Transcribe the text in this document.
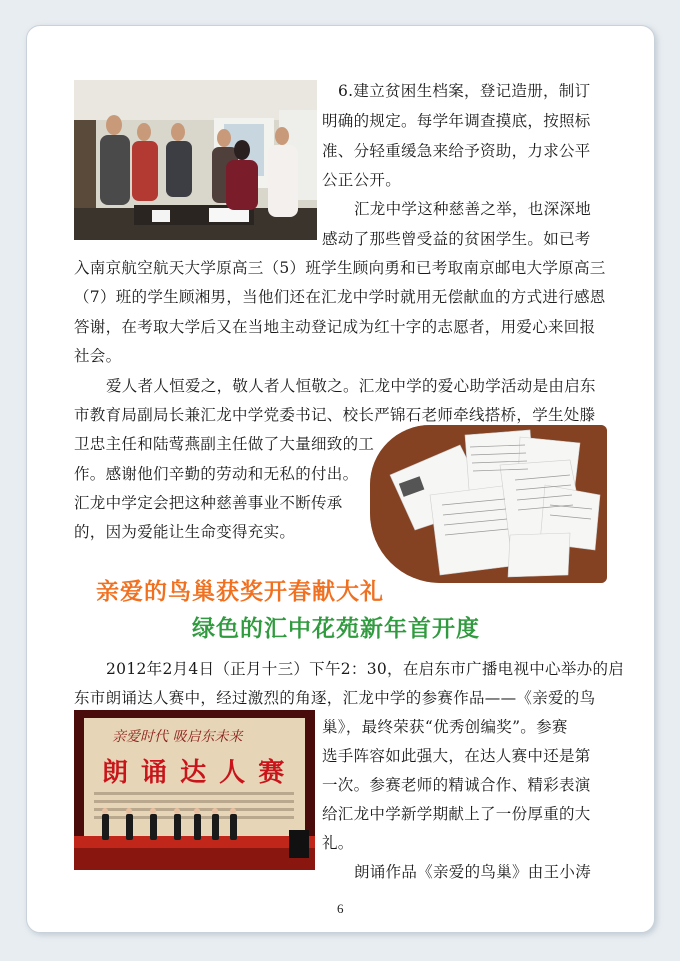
6.建立贫困生档案，登记造册，制订
明确的规定。每学年调查摸底，按照标
准、分轻重缓急来给予资助，力求公平
公正公开。
汇龙中学这种慈善之举，也深深地
感动了那些曾受益的贫困学生。如已考
入南京航空航天大学原高三（5）班学生顾向勇和已考取南京邮电大学原高三
（7）班的学生顾湘男，当他们还在汇龙中学时就用无偿献血的方式进行感恩
答谢，在考取大学后又在当地主动登记成为红十字的志愿者，用爱心来回报
社会。
爱人者人恒爱之，敬人者人恒敬之。汇龙中学的爱心助学活动是由启东
市教育局副局长兼汇龙中学党委书记、校长严锦石老师牵线搭桥，学生处滕
卫忠主任和陆莺燕副主任做了大量细致的工
作。感谢他们辛勤的劳动和无私的付出。
汇龙中学定会把这种慈善事业不断传承
的，因为爱能让生命变得充实。
亲爱的鸟巢获奖开春献大礼
绿色的汇中花苑新年首开度
2012年2月4日（正月十三）下午2：30，在启东市广播电视中心举办的启
东市朗诵达人赛中，经过激烈的角逐，汇龙中学的参赛作品——《亲爱的鸟
巢》，最终荣获“优秀创编奖”。参赛
选手阵容如此强大，在达人赛中还是第
一次。参赛老师的精诚合作、精彩表演
给汇龙中学新学期献上了一份厚重的大
礼。
朗诵作品《亲爱的鸟巢》由王小涛
亲爱时代 吸启东未来
朗 诵 达 人 赛
6
